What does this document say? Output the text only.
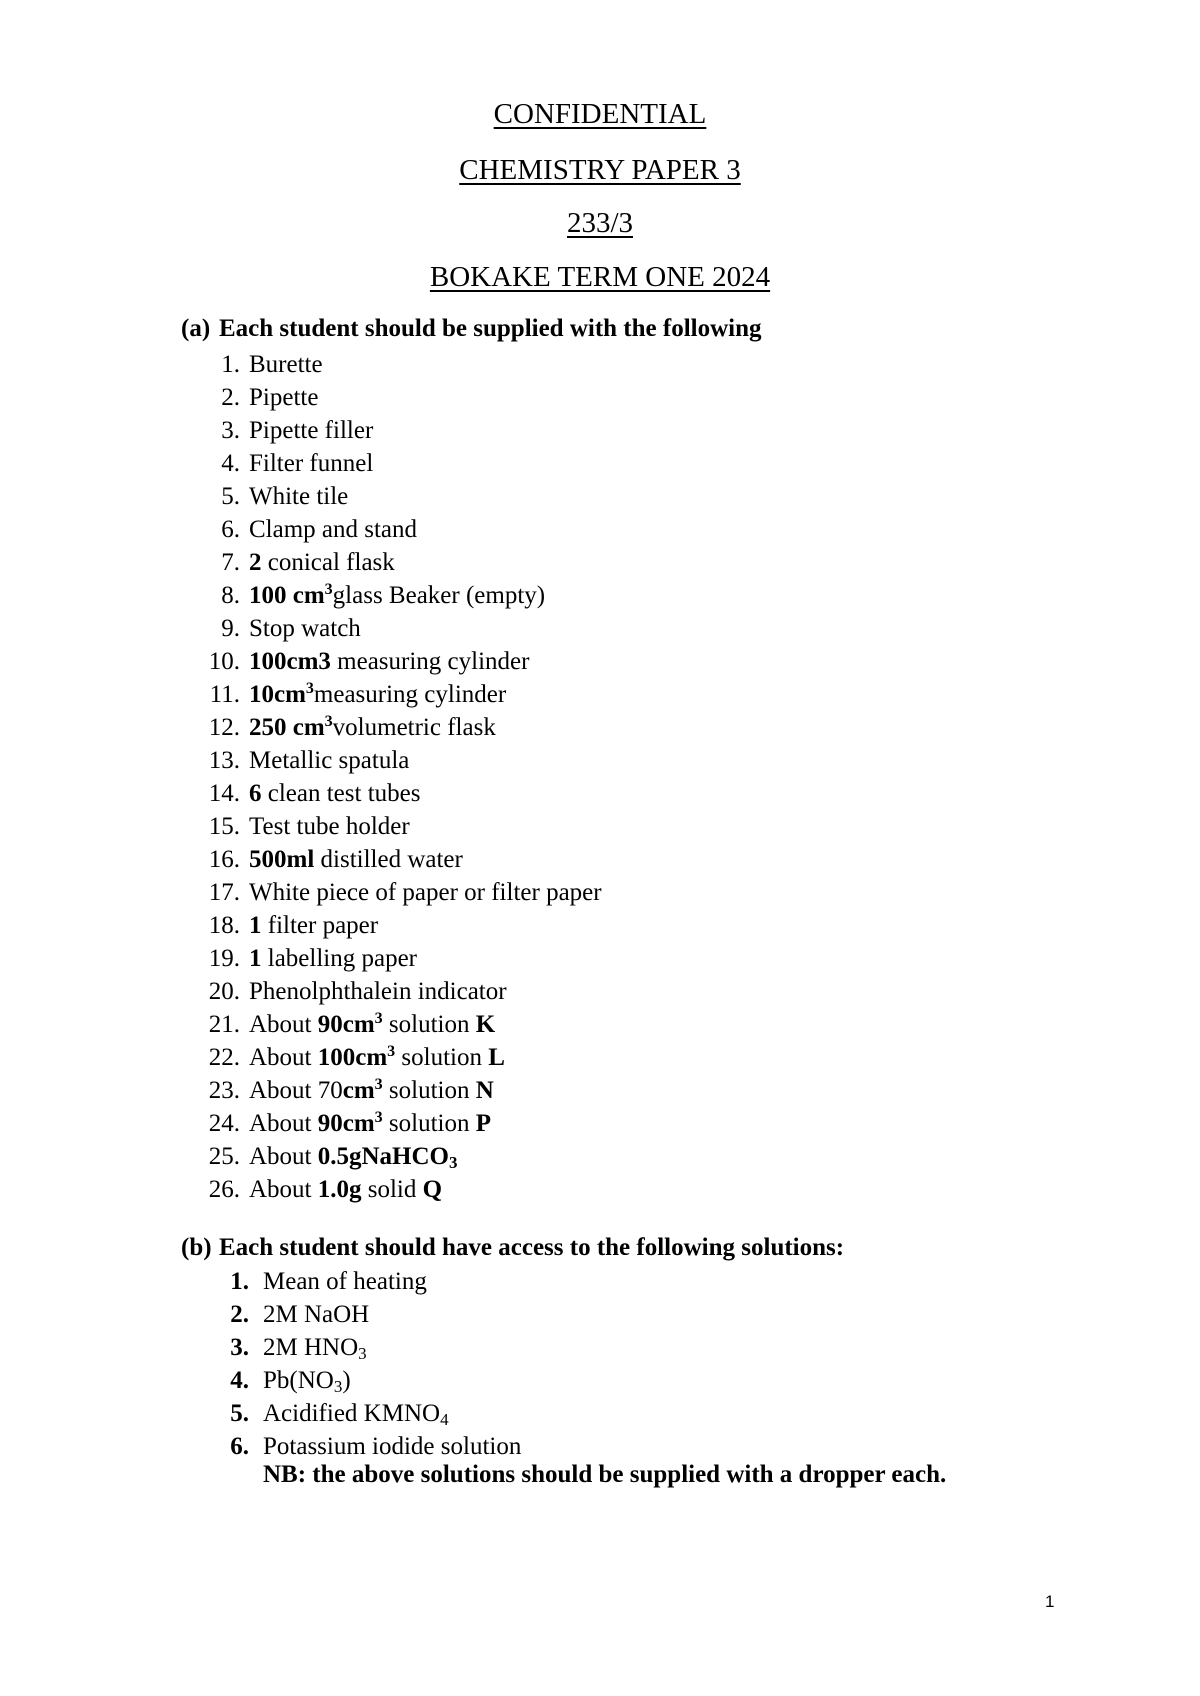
CONFIDENTIAL
CHEMISTRY PAPER 3
233/3
BOKAKE TERM ONE 2024

(a) Each student should be supplied with the following

1. Burette
2. Pipette
3. Pipette filler
4. Filter funnel
5. White tile
6. Clamp and stand
7. 2 conical flask
8. 100 $cm^3glass$ Beaker (empty)
9. Stop watch
10. 100cm3 measuring cylinder
11. $10cm^3measuring$ cylinder
12. 250 $cm^3volumetric$ flask
13. Metallic spatula
14. 6 clean test tubes
15. Test tube holder
16. 500ml distilled water
17. White piece of paper or filter paper
18. 1 filter paper
19. 1 labelling paper
20. Phenolphthalein indicator
21. About $90cm^3$ solution K
22. About $100cm^3$ solution L
23. About $70cm^3$ solution N
24. About $90cm^3$ solution P
25. About 0.5gNaHCO$_3$
26. About 1.0g solid Q

(b) Each student should have access to the following solutions:

1. Mean of heating
2. 2M NaOH
3. 2M $HNO_3$
4. $Pb(NO_3)$
5. Acidified $KMNO_4$
6. Potassium iodide solution

NB: the above solutions should be supplied with a dropper each.

1
